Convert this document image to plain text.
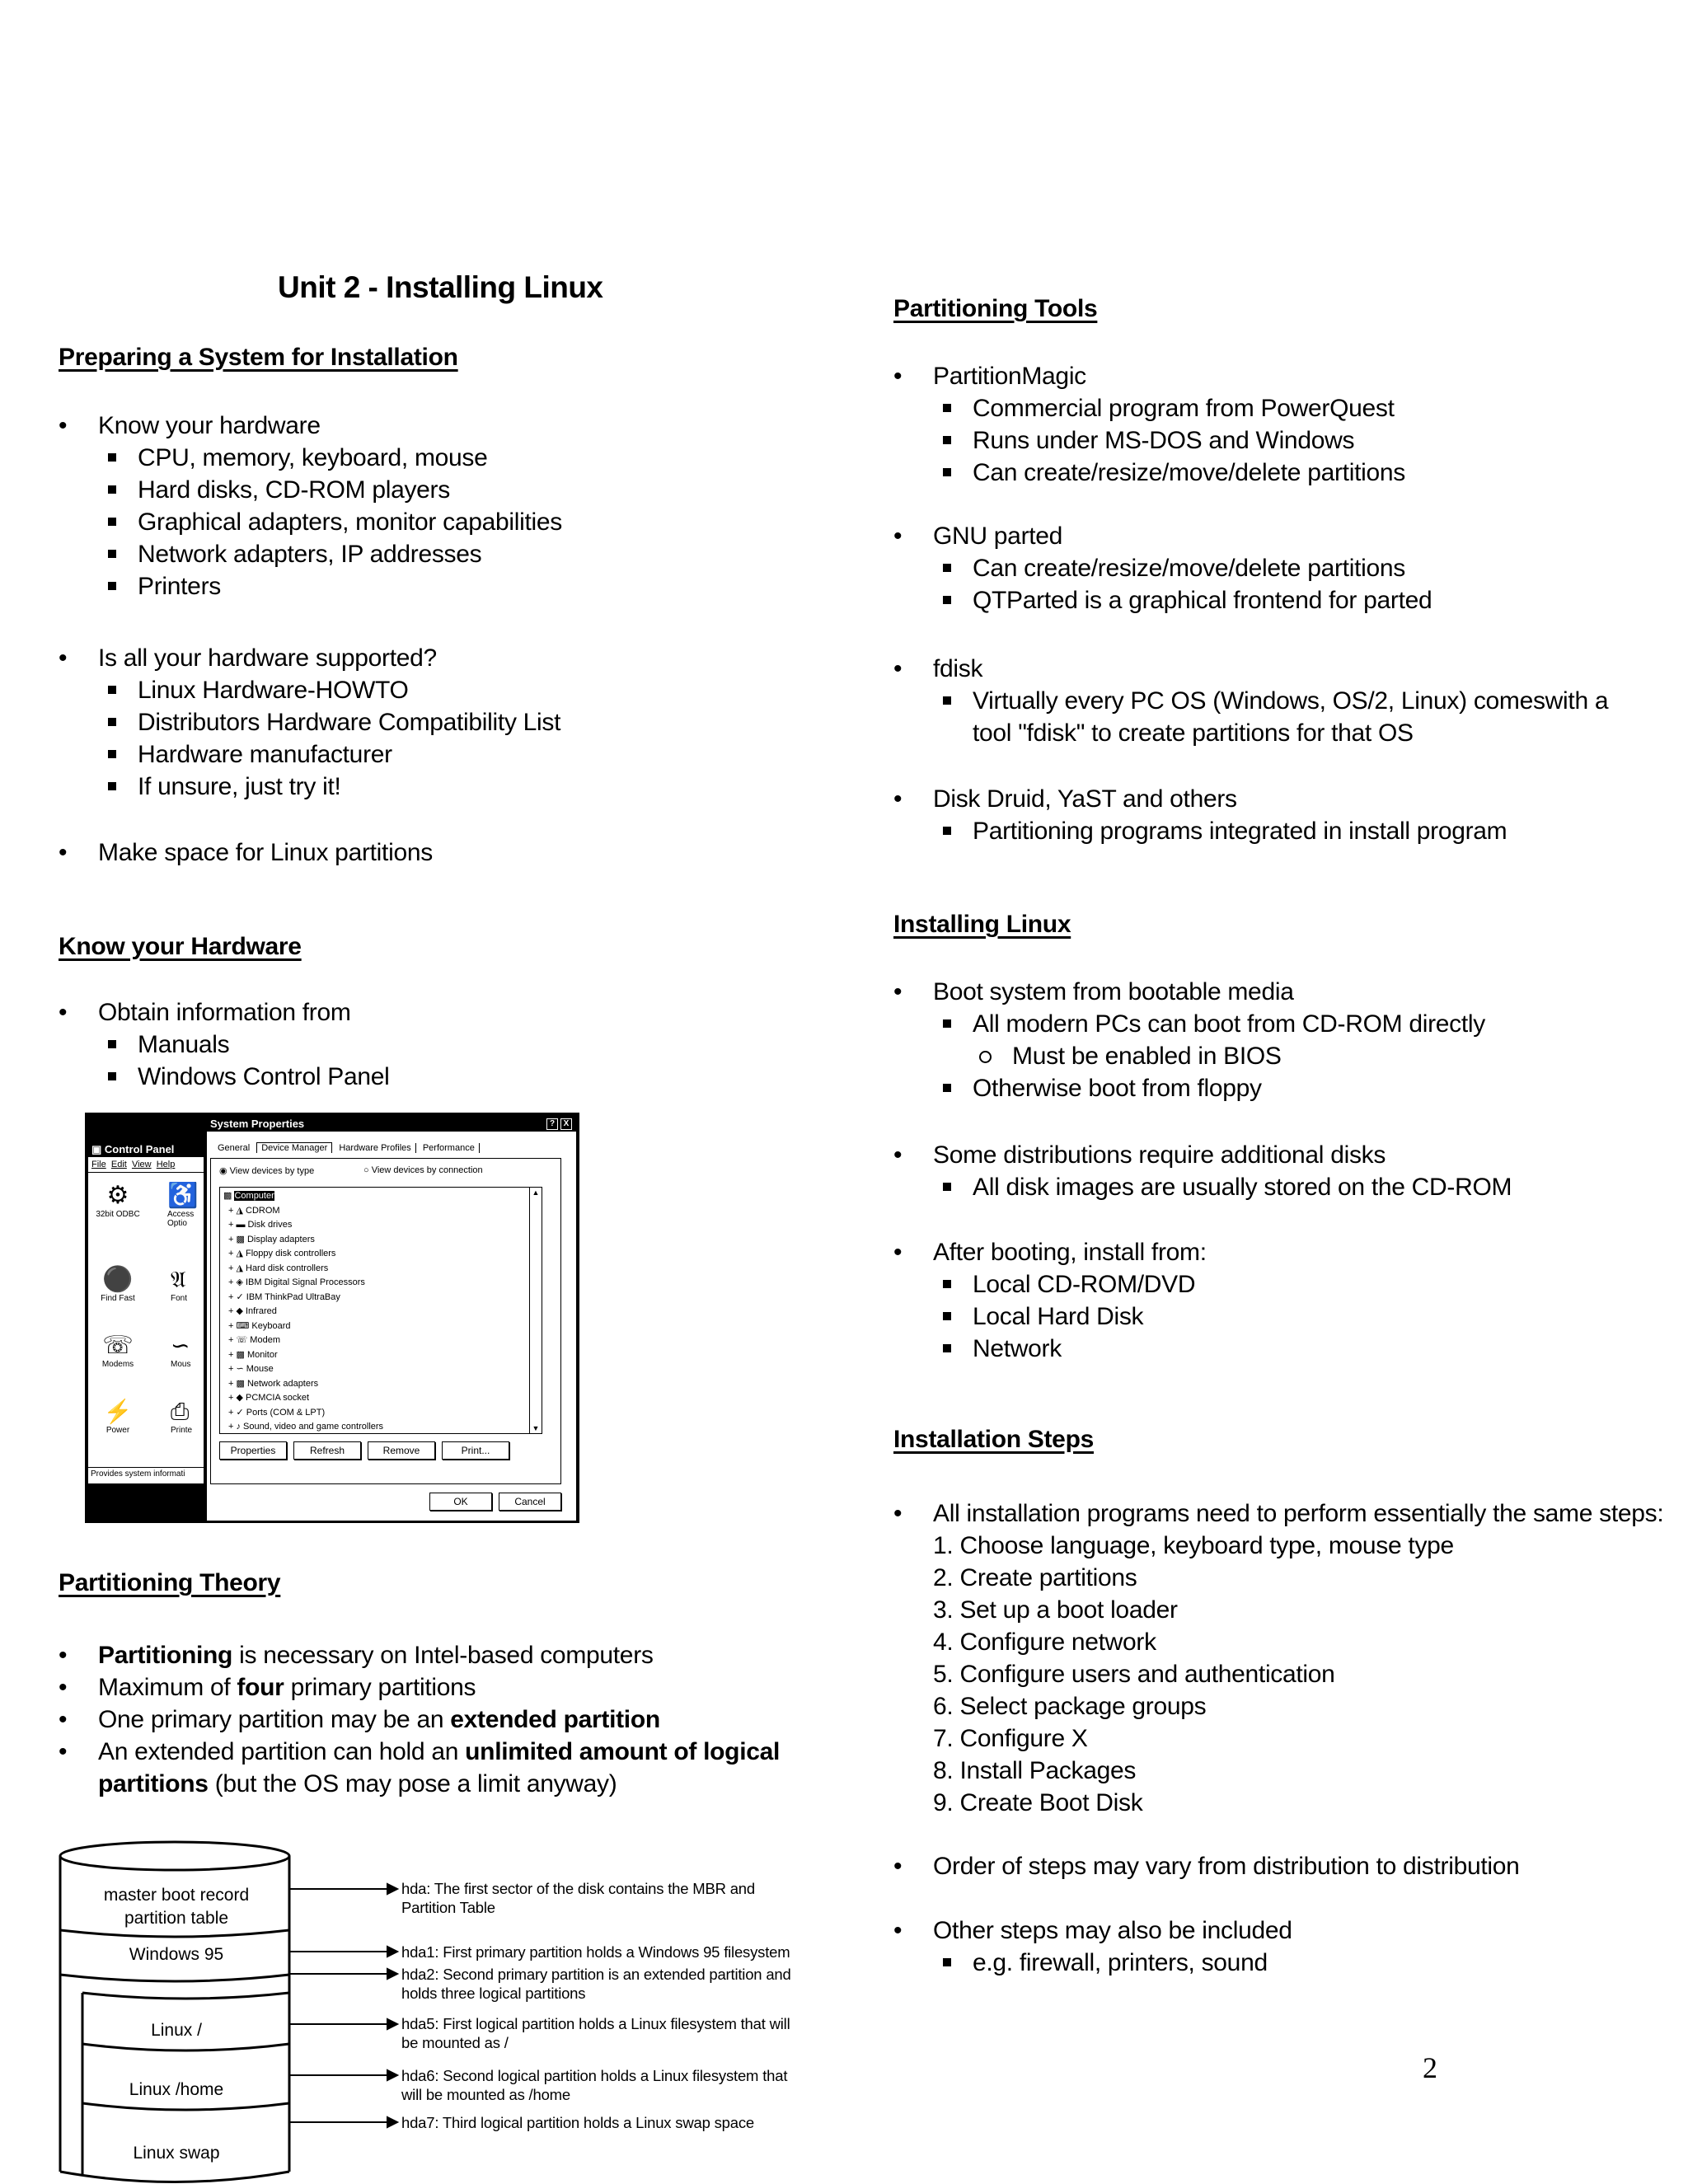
Unit 2 - Installing Linux
Preparing a System for Installation
• Know your hardware
CPU, memory, keyboard, mouse
Hard disks, CD-ROM players
Graphical adapters, monitor capabilities
Network adapters, IP addresses
Printers
• Is all your hardware supported?
Linux Hardware-HOWTO
Distributors Hardware Compatibility List
Hardware manufacturer
If unsure, just try it!
• Make space for Linux partitions
Know your Hardware
• Obtain information from
Manuals
Windows Control Panel
▣ Control Panel
File Edit View Help
⚙
32bit ODBC
♿
Access Optio
⚫
Find Fast
𝔄
Font
☏
Modems
∽
Mous
⚡
Power
⎙
Printe
Provides system informati
System Properties	?	X
General Device Manager Hardware Profiles Performance
◉ View devices by type	○ View devices by connection
▲
▼
▩ Computer
+ ◮ CDROM
+ ▬ Disk drives
+ ▩ Display adapters
+ ◮ Floppy disk controllers
+ ◮ Hard disk controllers
+ ◈ IBM Digital Signal Processors
+ ✓ IBM ThinkPad UltraBay
+ ◆ Infrared
+ ⌨ Keyboard
+ ☏ Modem
+ ▩ Monitor
+ ∽ Mouse
+ ▩ Network adapters
+ ◆ PCMCIA socket
+ ✓ Ports (COM & LPT)
+ ♪ Sound, video and game controllers
Properties	Refresh	Remove	Print...
OK	Cancel
Partitioning Theory
• Partitioning is necessary on Intel-based computers
• Maximum of four primary partitions
• One primary partition may be an extended partition
• An extended partition can hold an unlimited amount of logical
partitions (but the OS may pose a limit anyway)
master boot record
partition table
Windows 95
Linux /
Linux /home
Linux swap
hda: The first sector of the disk contains the MBR and
Partition Table
hda1: First primary partition holds a Windows 95 filesystem
hda2: Second primary partition is an extended partition and
holds three logical partitions
hda5: First logical partition holds a Linux filesystem that will
be mounted as /
hda6: Second logical partition holds a Linux filesystem that
will be mounted as /home
hda7: Third logical partition holds a Linux swap space
Partitioning Tools
• PartitionMagic
Commercial program from PowerQuest
Runs under MS-DOS and Windows
Can create/resize/move/delete partitions
• GNU parted
Can create/resize/move/delete partitions
QTParted is a graphical frontend for parted
• fdisk
Virtually every PC OS (Windows, OS/2, Linux) comeswith a tool "fdisk" to create partitions for that OS
• Disk Druid, YaST and others
Partitioning programs integrated in install program
Installing Linux
• Boot system from bootable media
All modern PCs can boot from CD-ROM directly
Must be enabled in BIOS
Otherwise boot from floppy
• Some distributions require additional disks
All disk images are usually stored on the CD-ROM
• After booting, install from:
Local CD-ROM/DVD
Local Hard Disk
Network
Installation Steps
• All installation programs need to perform essentially the same steps:
1. Choose language, keyboard type, mouse type
2. Create partitions
3. Set up a boot loader
4. Configure network
5. Configure users and authentication
6. Select package groups
7. Configure X
8. Install Packages
9. Create Boot Disk
• Order of steps may vary from distribution to distribution
• Other steps may also be included
e.g. firewall, printers, sound
2
